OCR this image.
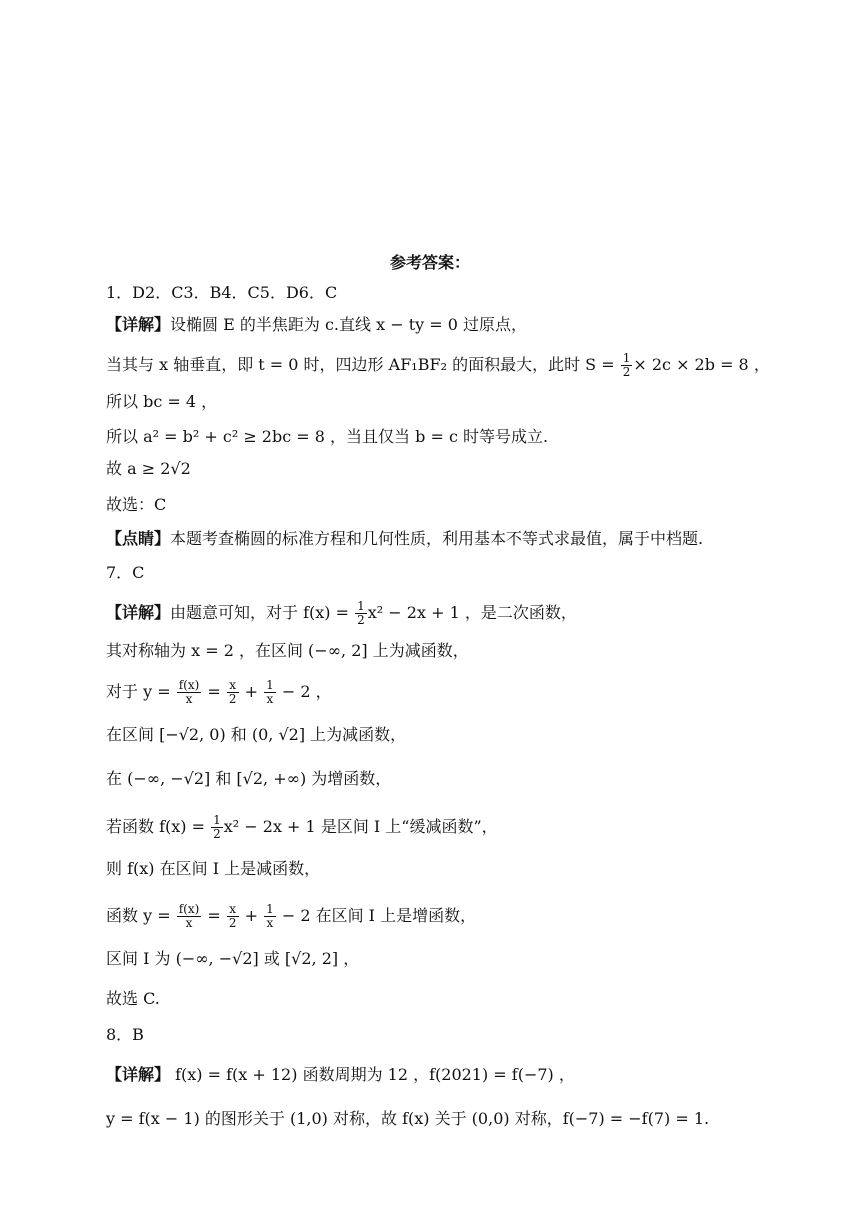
参考答案：
1．D2．C3．B4．C5．D6．C
【详解】设椭圆 E 的半焦距为 c.直线 x − ty = 0 过原点，
当其与 x 轴垂直，即 t = 0 时，四边形 AF₁BF₂ 的面积最大，此时 $S = \frac{1}{2} \times 2c \times 2b = 8$ ，
所以 bc = 4 ，
所以 a² = b² + c² ≥ 2bc = 8 ，当且仅当 b = c 时等号成立.
故 a ≥ 2√2
故选：C
【点睛】本题考查椭圆的标准方程和几何性质，利用基本不等式求最值，属于中档题.
7．C
【详解】由题意可知，对于 $f(x) = \frac{1}{2} x^2 - 2x + 1$ ，是二次函数，
其对称轴为 x = 2 ，在区间 (−∞, 2] 上为减函数，
对于 $y = \frac{f(x)}{x} = \frac{x}{2} + \frac{1}{x} - 2$ ，
在区间 [−√2, 0) 和 (0, √2] 上为减函数，
在 (−∞, −√2] 和 [√2, +∞) 为增函数，
若函数 $f(x) = \frac{1}{2} x^2 - 2x + 1$ 是区间 I 上“缓减函数”，
则 f(x) 在区间 I 上是减函数，
函数 $y = \frac{f(x)}{x} = \frac{x}{2} + \frac{1}{x} - 2$ 在区间 I 上是增函数，
区间 I 为 (−∞, −√2] 或 [√2, 2] ，
故选 C.
8．B
【详解】 f(x) = f(x + 12) 函数周期为 12 ，f(2021) = f(−7) ，
y = f(x − 1) 的图形关于 (1,0) 对称，故 f(x) 关于 (0,0) 对称，f(−7) = −f(7) = 1.
